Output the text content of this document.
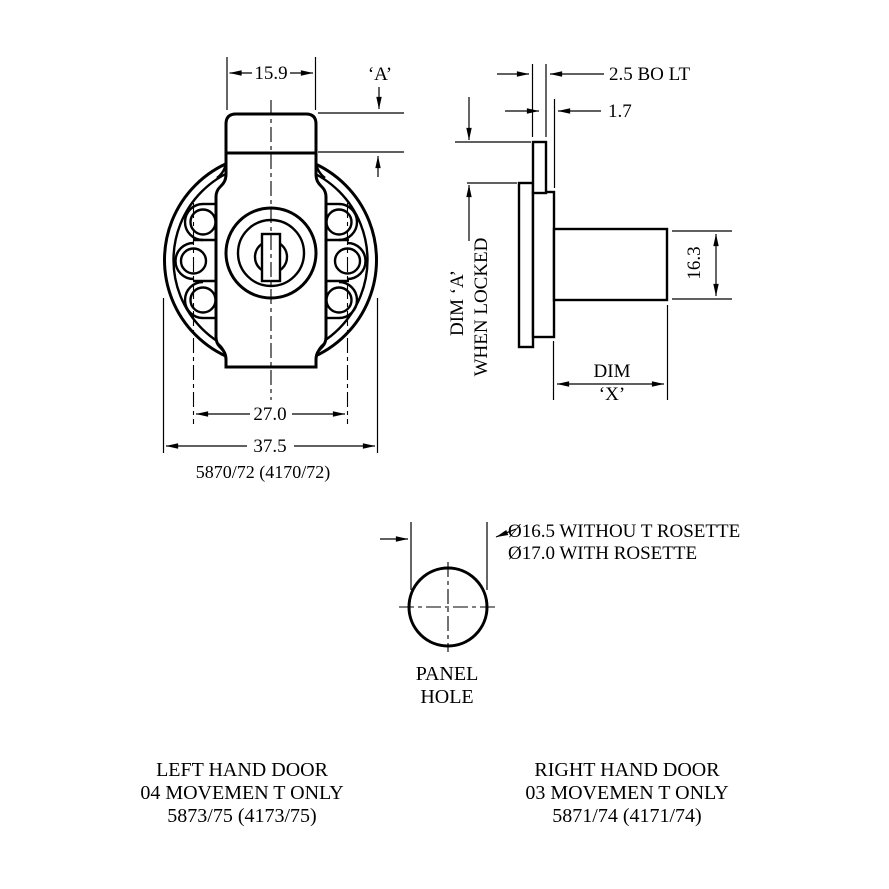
15.9	‘A’
27.0
37.5
5870/72 (4170/72)
2.5 BO LT
1.7
DIM ‘A’ WHEN LOCKED	16.3
DIM
‘X’
Ø16.5 WITHOU T ROSETTE
Ø17.0 WITH ROSETTE
PANEL
HOLE
LEFT HAND DOOR
04 MOVEMEN T ONLY
5873/75 (4173/75)
RIGHT HAND DOOR
03 MOVEMEN T ONLY
5871/74 (4171/74)
